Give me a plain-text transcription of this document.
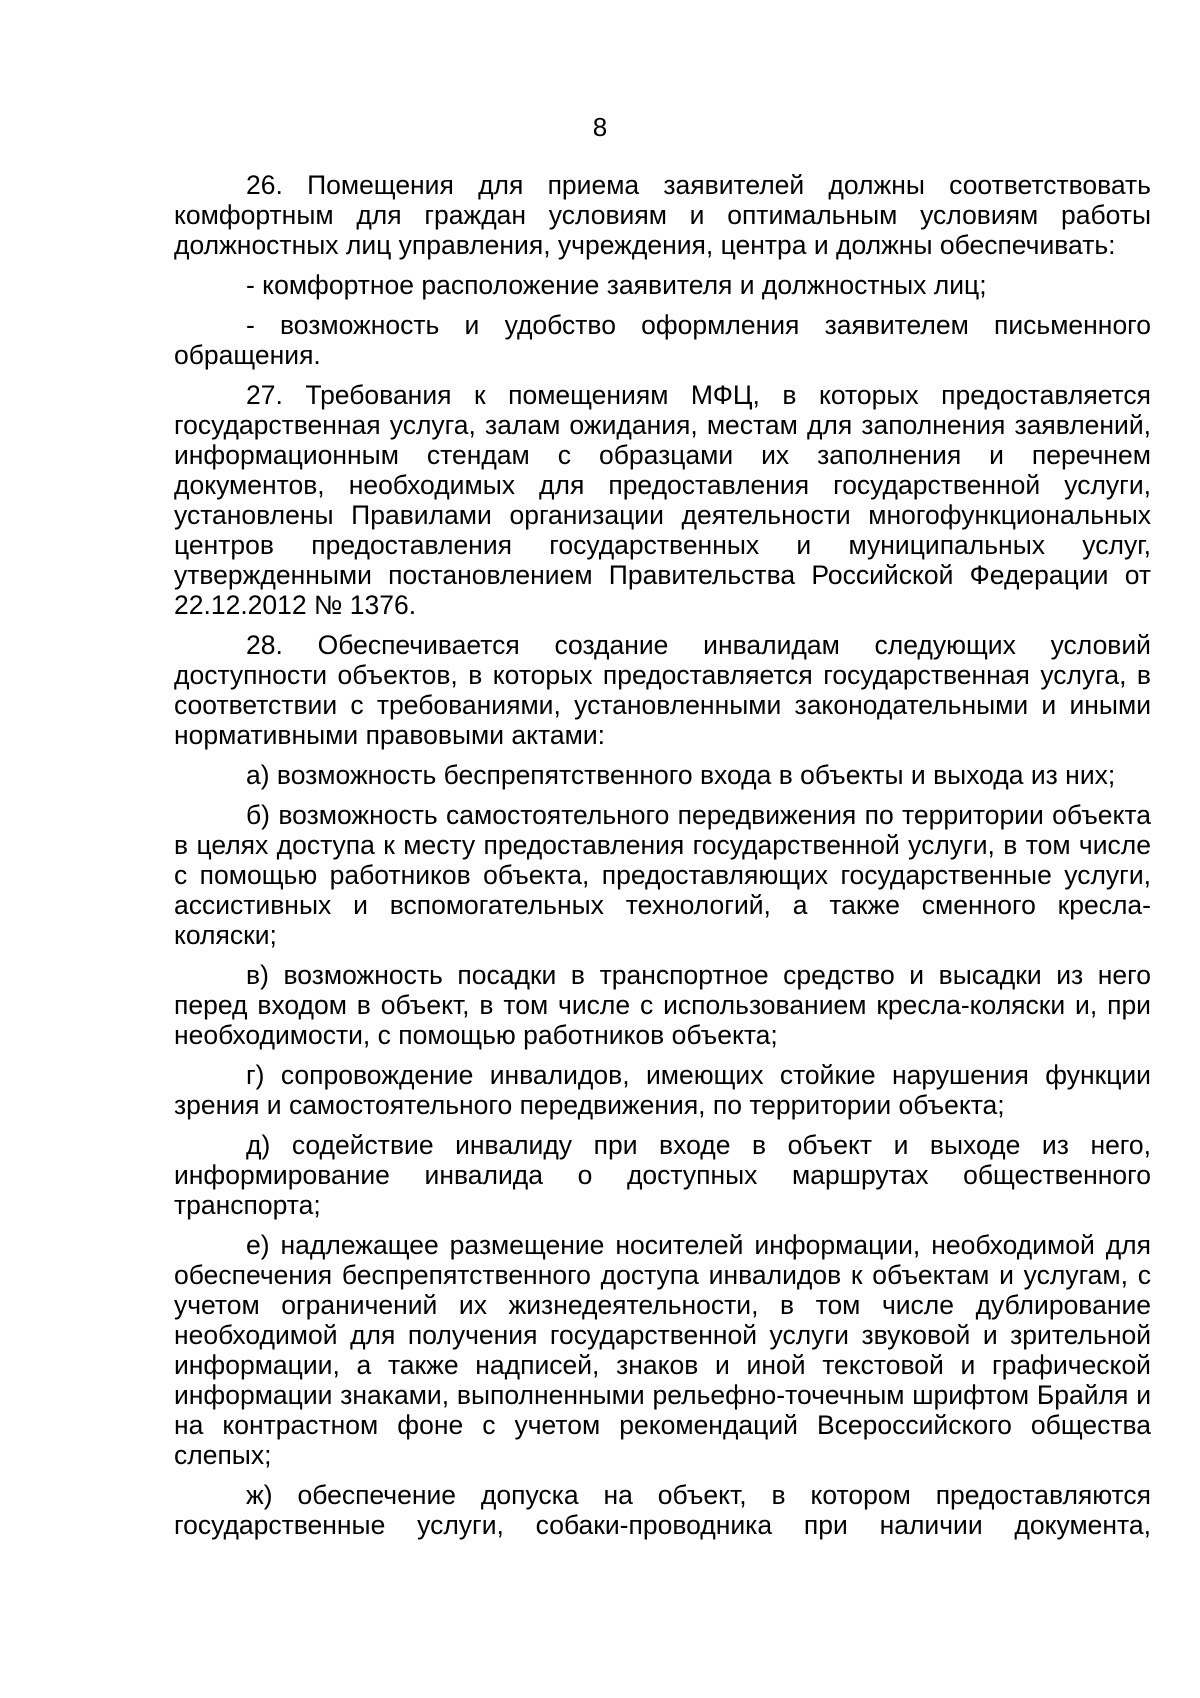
8

26. Помещения для приема заявителей должны соответствовать комфортным для граждан условиям и оптимальным условиям работы должностных лиц управления, учреждения, центра и должны обеспечивать:

- комфортное расположение заявителя и должностных лиц;

- возможность и удобство оформления заявителем письменного обращения.

27. Требования к помещениям МФЦ, в которых предоставляется государственная услуга, залам ожидания, местам для заполнения заявлений, информационным стендам с образцами их заполнения и перечнем документов, необходимых для предоставления государственной услуги, установлены Правилами организации деятельности многофункциональных центров предоставления государственных и муниципальных услуг, утвержденными постановлением Правительства Российской Федерации от 22.12.2012 № 1376.

28. Обеспечивается создание инвалидам следующих условий доступности объектов, в которых предоставляется государственная услуга, в соответствии с требованиями, установленными законодательными и иными нормативными правовыми актами:

а) возможность беспрепятственного входа в объекты и выхода из них;

б) возможность самостоятельного передвижения по территории объекта в целях доступа к месту предоставления государственной услуги, в том числе с помощью работников объекта, предоставляющих государственные услуги, ассистивных и вспомогательных технологий, а также сменного кресла-коляски;

в) возможность посадки в транспортное средство и высадки из него перед входом в объект, в том числе с использованием кресла-коляски и, при необходимости, с помощью работников объекта;

г) сопровождение инвалидов, имеющих стойкие нарушения функции зрения и самостоятельного передвижения, по территории объекта;

д) содействие инвалиду при входе в объект и выходе из него, информирование инвалида о доступных маршрутах общественного транспорта;

е) надлежащее размещение носителей информации, необходимой для обеспечения беспрепятственного доступа инвалидов к объектам и услугам, с учетом ограничений их жизнедеятельности, в том числе дублирование необходимой для получения государственной услуги звуковой и зрительной информации, а также надписей, знаков и иной текстовой и графической информации знаками, выполненными рельефно-точечным шрифтом Брайля и на контрастном фоне с учетом рекомендаций Всероссийского общества слепых;

ж) обеспечение допуска на объект, в котором предоставляются государственные услуги, собаки-проводника при наличии документа,
